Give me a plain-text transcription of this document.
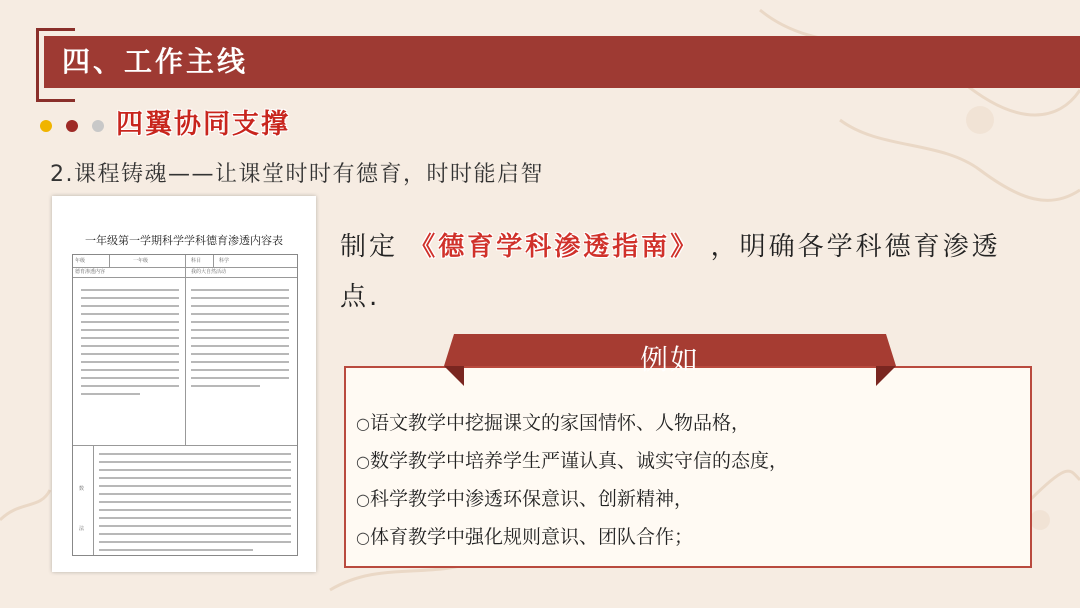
四、工作主线
四翼协同支撑
2.课程铸魂——让课堂时时有德育，时时能启智
一年级第一学期科学学科德育渗透内容表
年级	一年级	科目	科学
德育渗透内容	我的大自然活动
数
法
制定 《德育学科渗透指南》 ，明确各学科德育渗透点.
例如
○语文教学中挖掘课文的家国情怀、人物品格，
○数学教学中培养学生严谨认真、诚实守信的态度，
○科学教学中渗透环保意识、创新精神，
○体育教学中强化规则意识、团队合作；
